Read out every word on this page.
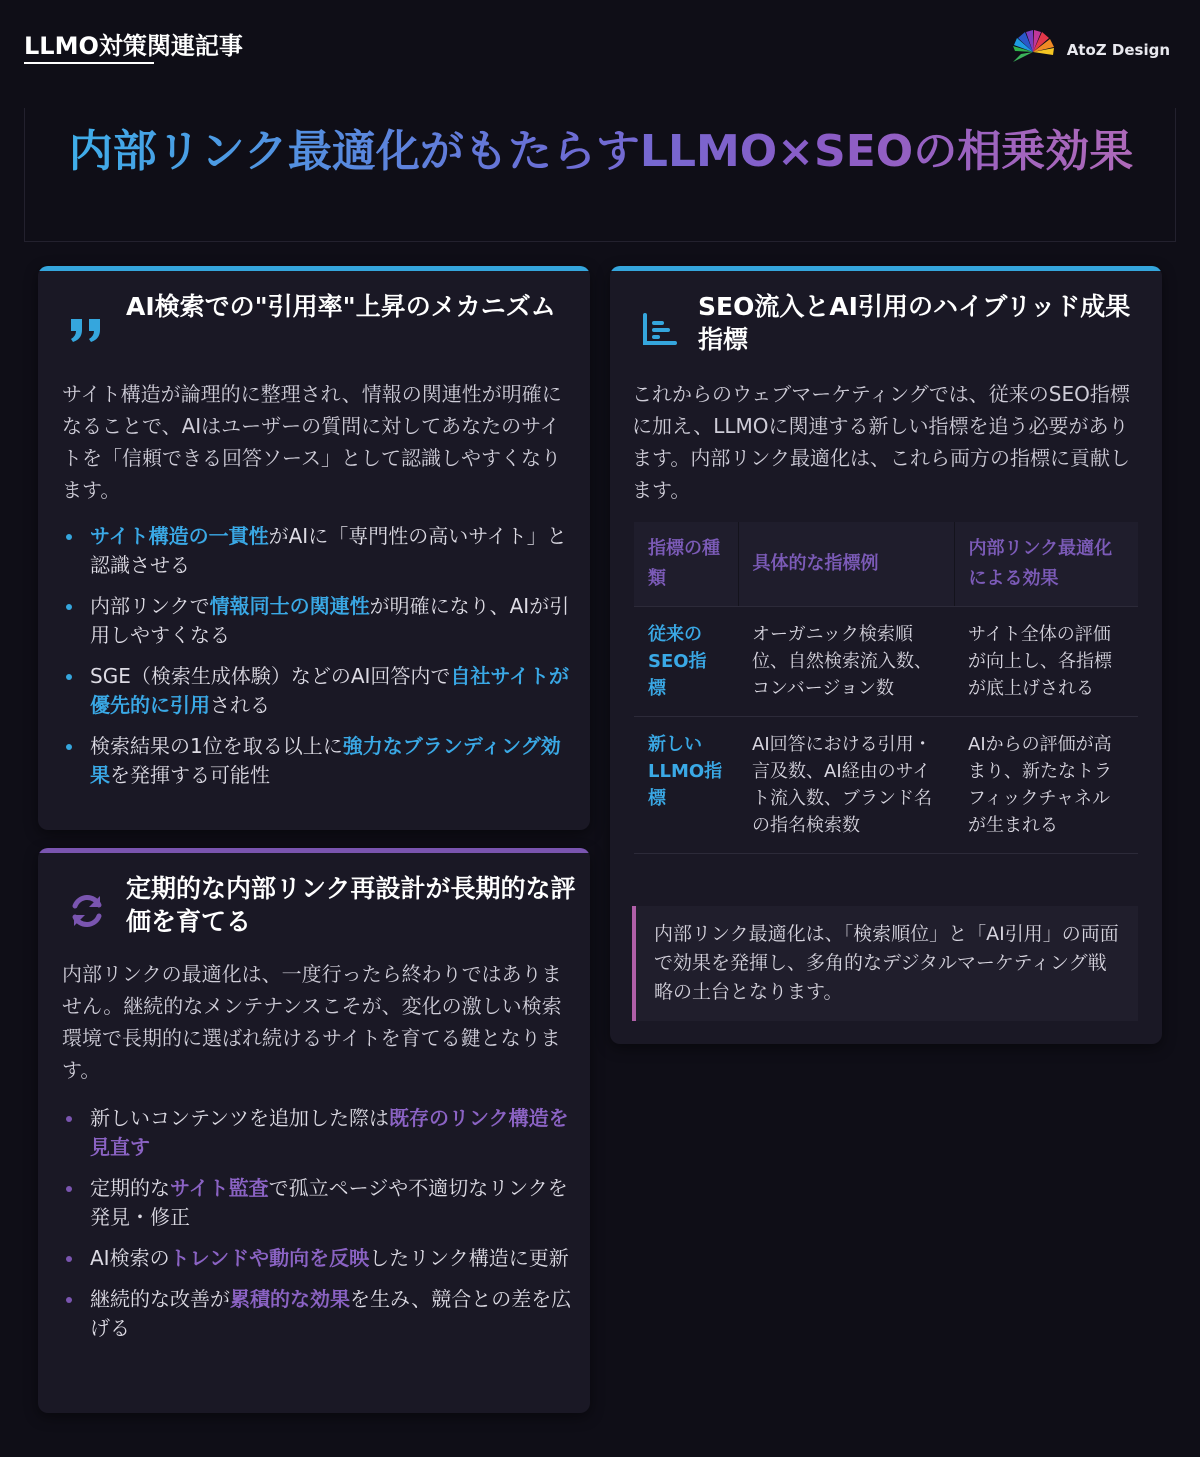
LLMO対策関連記事	AtoZ Design
内部リンク最適化がもたらすLLMO×SEOの相乗効果
AI検索での"引用率"上昇のメカニズム

サイト構造が論理的に整理され、情報の関連性が明確になることで、AIはユーザーの質問に対してあなたのサイトを「信頼できる回答ソース」として認識しやすくなります。

サイト構造の一貫性がAIに「専門性の高いサイト」と認識させる
内部リンクで情報同士の関連性が明確になり、AIが引用しやすくなる
SGE（検索生成体験）などのAI回答内で自社サイトが優先的に引用される
検索結果の1位を取る以上に強力なブランディング効果を発揮する可能性
定期的な内部リンク再設計が長期的な評価を育てる

内部リンクの最適化は、一度行ったら終わりではありません。継続的なメンテナンスこそが、変化の激しい検索環境で長期的に選ばれ続けるサイトを育てる鍵となります。

新しいコンテンツを追加した際は既存のリンク構造を見直す
定期的なサイト監査で孤立ページや不適切なリンクを発見・修正
AI検索のトレンドや動向を反映したリンク構造に更新
継続的な改善が累積的な効果を生み、競合との差を広げる
SEO流入とAI引用のハイブリッド成果指標

これからのウェブマーケティングでは、従来のSEO指標に加え、LLMOに関連する新しい指標を追う必要があります。内部リンク最適化は、これら両方の指標に貢献します。

指標の種類	具体的な指標例	内部リンク最適化による効果
従来のSEO指標	オーガニック検索順位、自然検索流入数、コンバージョン数	サイト全体の評価が向上し、各指標が底上げされる
新しいLLMO指標	AI回答における引用・言及数、AI経由のサイト流入数、ブランド名の指名検索数	AIからの評価が高まり、新たなトラフィックチャネルが生まれる
内部リンク最適化は、「検索順位」と「AI引用」の両面で効果を発揮し、多角的なデジタルマーケティング戦略の土台となります。
